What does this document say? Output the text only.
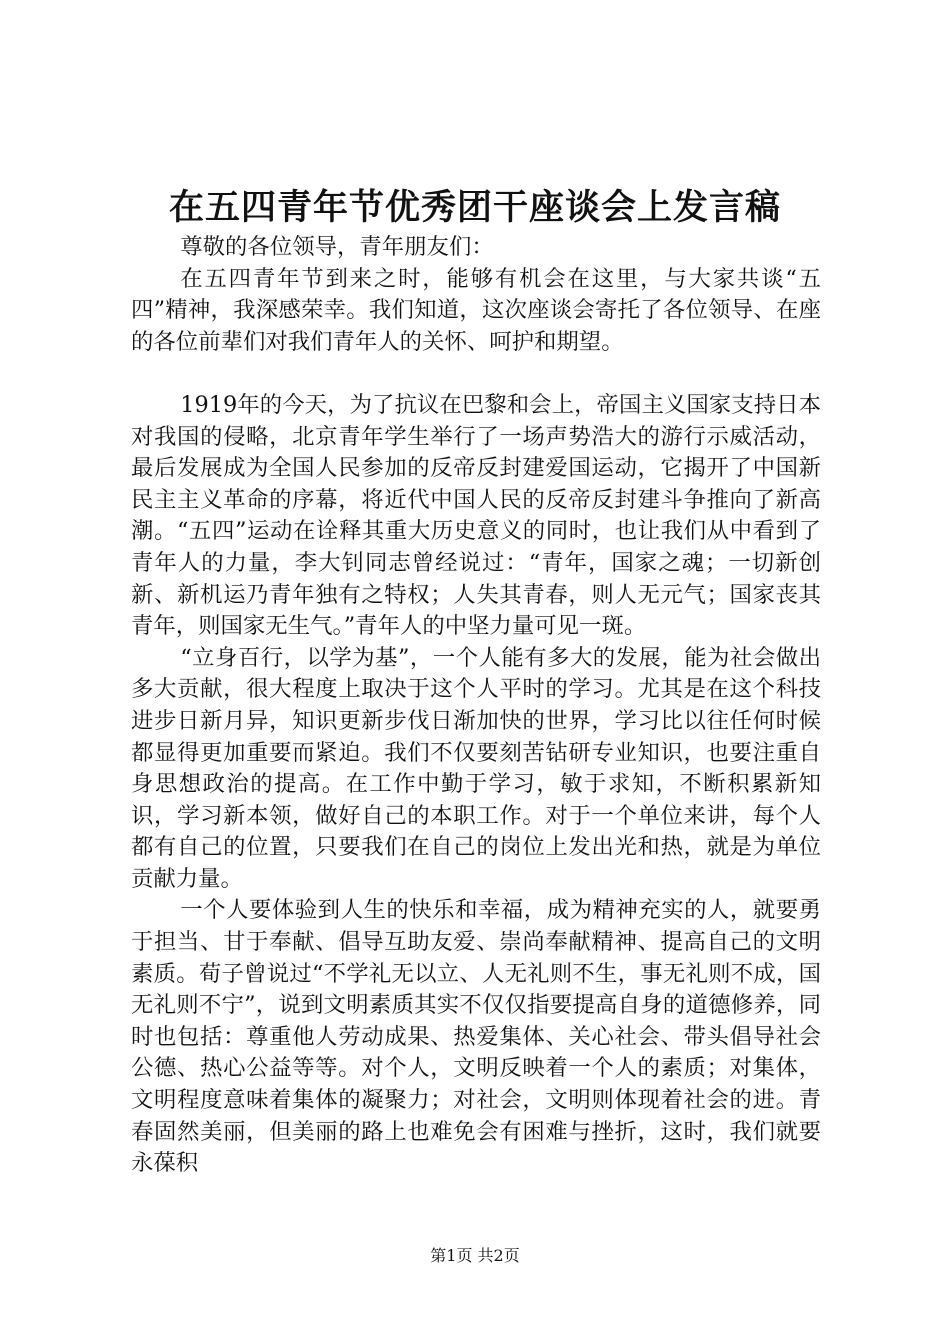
在五四青年节优秀团干座谈会上发言稿

尊敬的各位领导，青年朋友们：

在五四青年节到来之时，能够有机会在这里，与大家共谈“五四”精神，我深感荣幸。我们知道，这次座谈会寄托了各位领导、在座的各位前辈们对我们青年人的关怀、呵护和期望。

1919年的今天，为了抗议在巴黎和会上，帝国主义国家支持日本对我国的侵略，北京青年学生举行了一场声势浩大的游行示威活动，最后发展成为全国人民参加的反帝反封建爱国运动，它揭开了中国新民主主义革命的序幕，将近代中国人民的反帝反封建斗争推向了新高潮。“五四”运动在诠释其重大历史意义的同时，也让我们从中看到了青年人的力量，李大钊同志曾经说过：“青年，国家之魂；一切新创新、新机运乃青年独有之特权；人失其青春，则人无元气；国家丧其青年，则国家无生气。”青年人的中坚力量可见一斑。

“立身百行，以学为基”，一个人能有多大的发展，能为社会做出多大贡献，很大程度上取决于这个人平时的学习。尤其是在这个科技进步日新月异，知识更新步伐日渐加快的世界，学习比以往任何时候都显得更加重要而紧迫。我们不仅要刻苦钻研专业知识，也要注重自身思想政治的提高。在工作中勤于学习，敏于求知，不断积累新知识，学习新本领，做好自己的本职工作。对于一个单位来讲，每个人都有自己的位置，只要我们在自己的岗位上发出光和热，就是为单位贡献力量。

一个人要体验到人生的快乐和幸福，成为精神充实的人，就要勇于担当、甘于奉献、倡导互助友爱、崇尚奉献精神、提高自己的文明素质。荀子曾说过“不学礼无以立、人无礼则不生，事无礼则不成，国无礼则不宁”，说到文明素质其实不仅仅指要提高自身的道德修养，同时也包括：尊重他人劳动成果、热爱集体、关心社会、带头倡导社会公德、热心公益等等。对个人，文明反映着一个人的素质；对集体，文明程度意味着集体的凝聚力；对社会，文明则体现着社会的进。青春固然美丽，但美丽的路上也难免会有困难与挫折，这时，我们就要永葆积

第1页 共2页
